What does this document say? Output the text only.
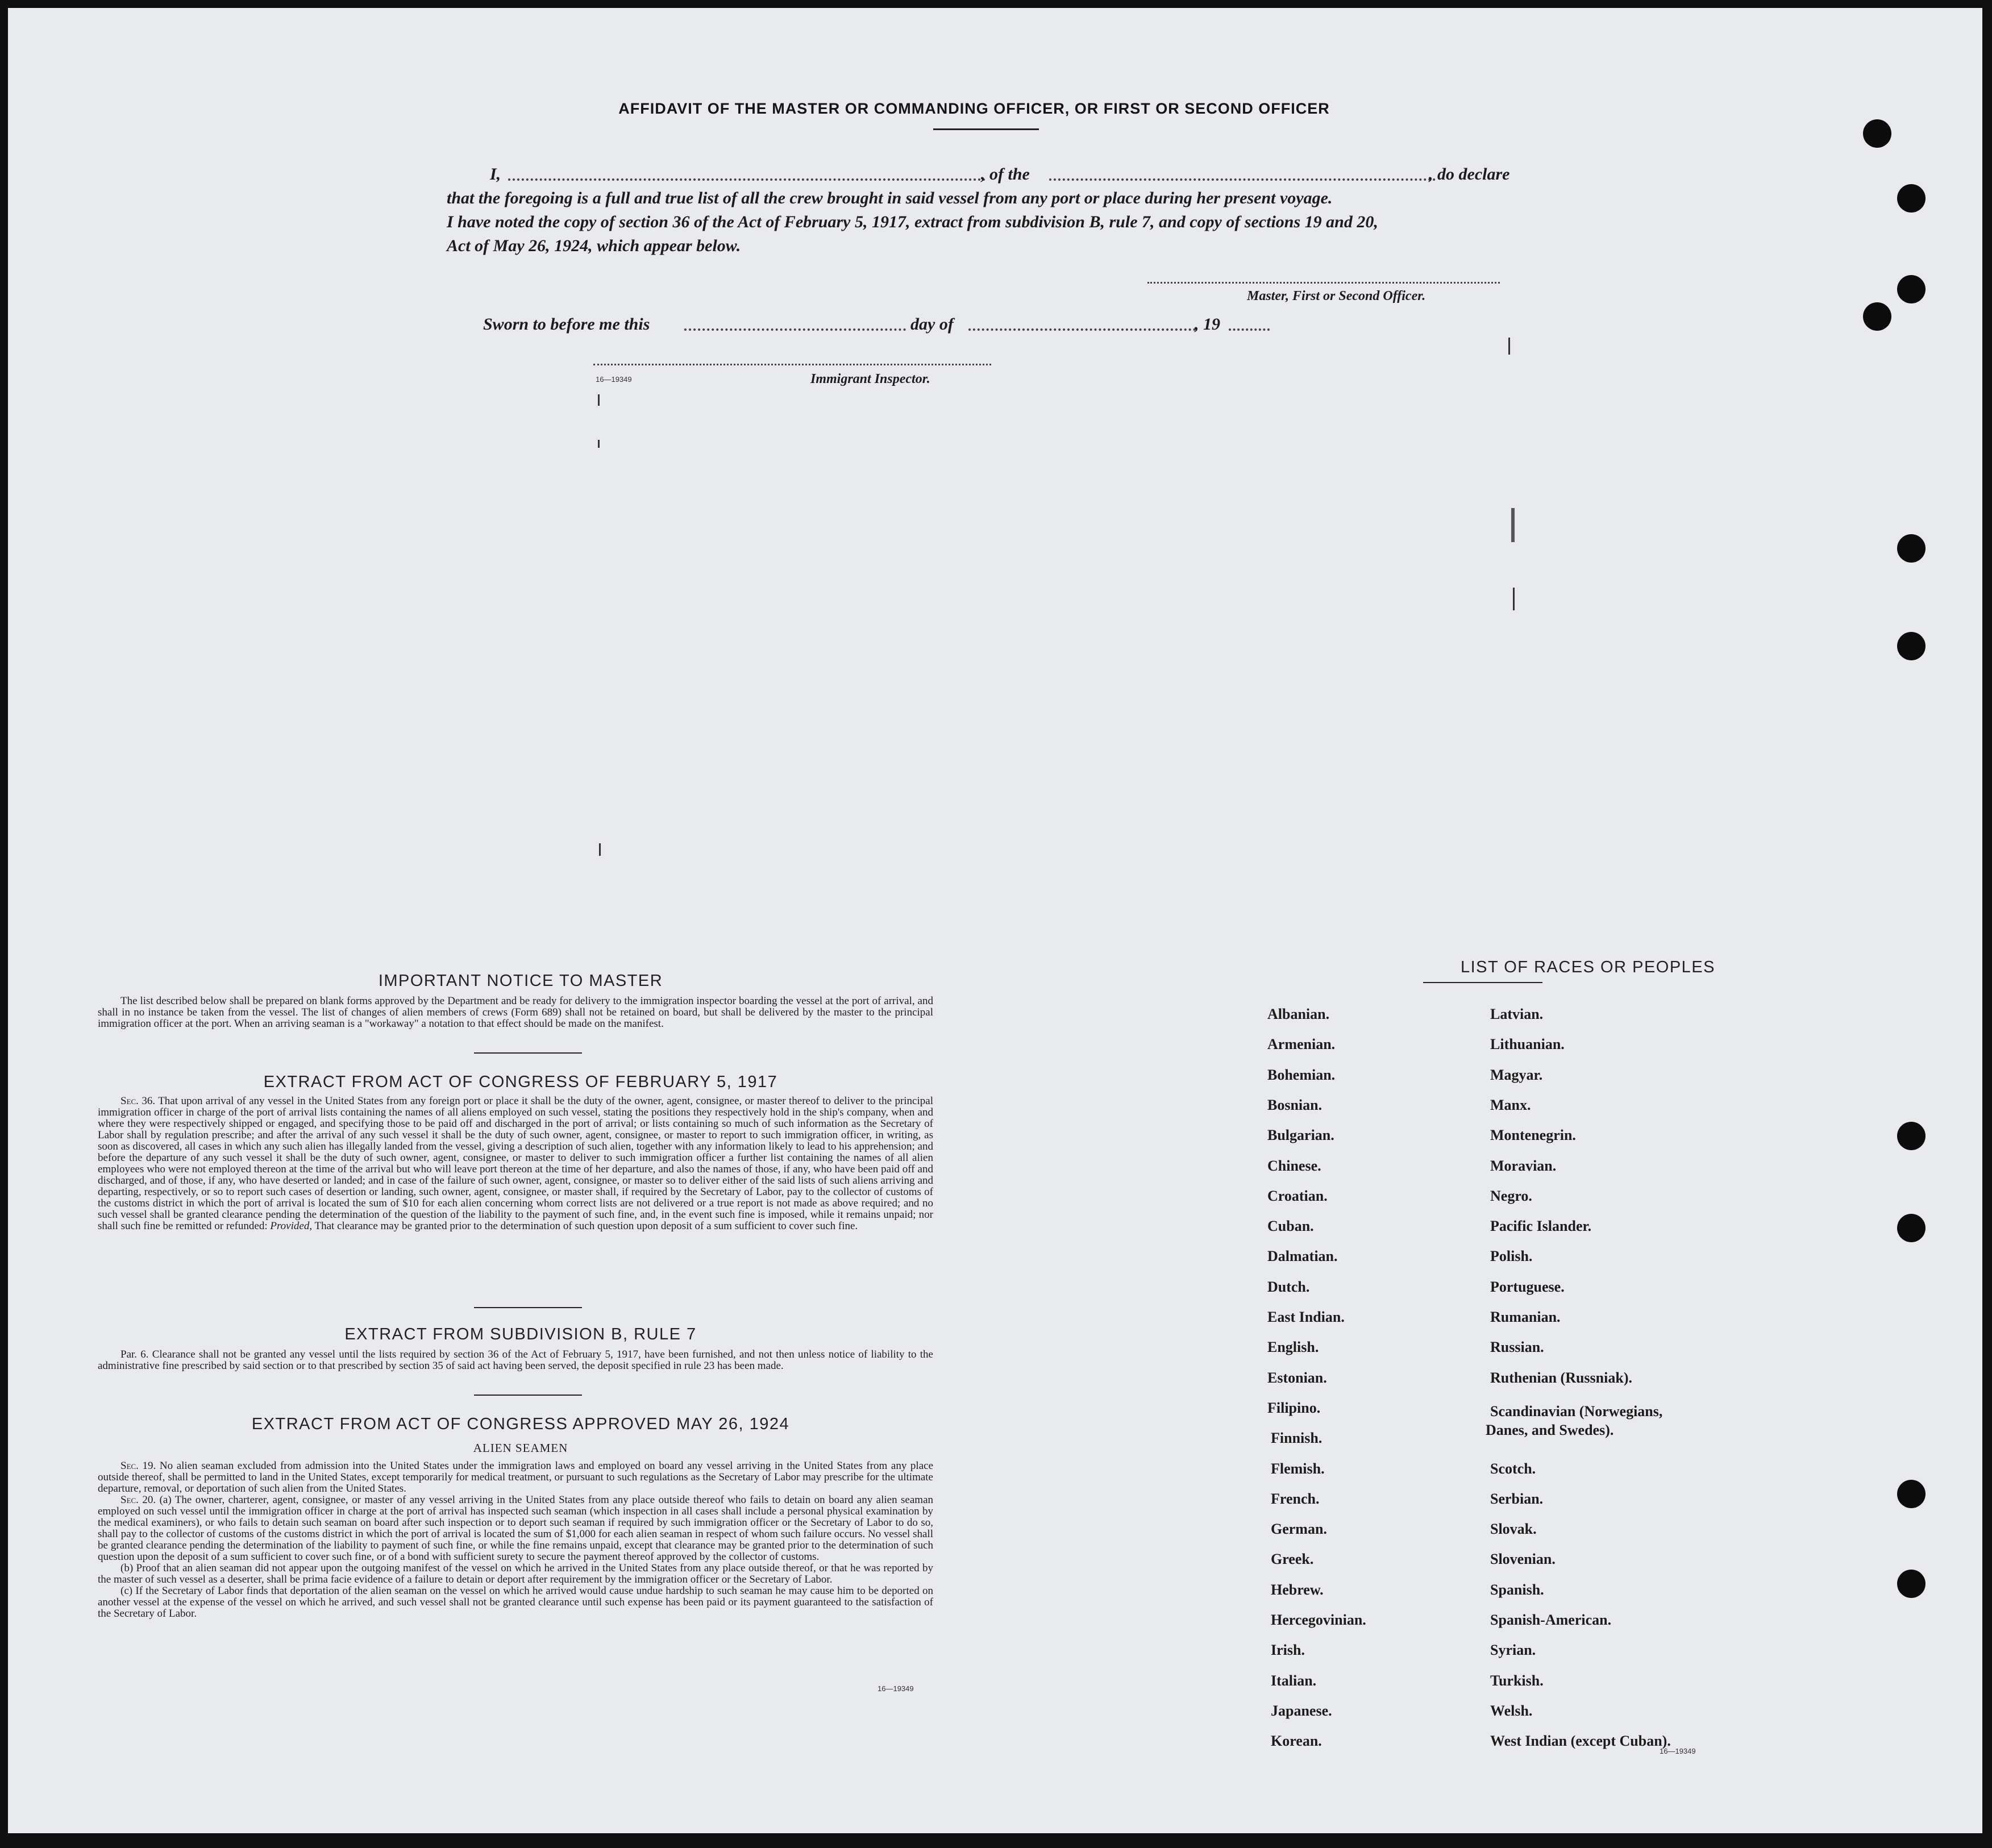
AFFIDAVIT OF THE MASTER OR COMMANDING OFFICER, OR FIRST OR SECOND OFFICER
I,	, of the	, do declare
that the foregoing is a full and true list of all the crew brought in said vessel from any port or place during her present voyage.
I have noted the copy of section 36 of the Act of February 5, 1917, extract from subdivision B, rule 7, and copy of sections 19 and 20,
Act of May 26, 1924, which appear below.
Master, First or Second Officer.
Sworn to before me this	day of	, 19
16—19349	Immigrant Inspector.
IMPORTANT NOTICE TO MASTER
The list described below shall be prepared on blank forms approved by the Department and be ready for delivery to the immigration inspector boarding the vessel at the port of arrival, and shall in no instance be taken from the vessel. The list of changes of alien members of crews (Form 689) shall not be retained on board, but shall be delivered by the master to the principal immigration officer at the port. When an arriving seaman is a "workaway" a notation to that effect should be made on the manifest.
EXTRACT FROM ACT OF CONGRESS OF FEBRUARY 5, 1917
Sec. 36. That upon arrival of any vessel in the United States from any foreign port or place it shall be the duty of the owner, agent, consignee, or master thereof to deliver to the principal immigration officer in charge of the port of arrival lists containing the names of all aliens employed on such vessel, stating the positions they respectively hold in the ship's company, when and where they were respectively shipped or engaged, and specifying those to be paid off and discharged in the port of arrival; or lists containing so much of such information as the Secretary of Labor shall by regulation prescribe; and after the arrival of any such vessel it shall be the duty of such owner, agent, consignee, or master to report to such immigration officer, in writing, as soon as discovered, all cases in which any such alien has illegally landed from the vessel, giving a description of such alien, together with any information likely to lead to his apprehension; and before the departure of any such vessel it shall be the duty of such owner, agent, consignee, or master to deliver to such immigration officer a further list containing the names of all alien employees who were not employed thereon at the time of the arrival but who will leave port thereon at the time of her departure, and also the names of those, if any, who have been paid off and discharged, and of those, if any, who have deserted or landed; and in case of the failure of such owner, agent, consignee, or master so to deliver either of the said lists of such aliens arriving and departing, respectively, or so to report such cases of desertion or landing, such owner, agent, consignee, or master shall, if required by the Secretary of Labor, pay to the collector of customs of the customs district in which the port of arrival is located the sum of $10 for each alien concerning whom correct lists are not delivered or a true report is not made as above required; and no such vessel shall be granted clearance pending the determination of the question of the liability to the payment of such fine, and, in the event such fine is imposed, while it remains unpaid; nor shall such fine be remitted or refunded: Provided, That clearance may be granted prior to the determination of such question upon deposit of a sum sufficient to cover such fine.
EXTRACT FROM SUBDIVISION B, RULE 7
Par. 6. Clearance shall not be granted any vessel until the lists required by section 36 of the Act of February 5, 1917, have been furnished, and not then unless notice of liability to the administrative fine prescribed by said section or to that prescribed by section 35 of said act having been served, the deposit specified in rule 23 has been made.
EXTRACT FROM ACT OF CONGRESS APPROVED MAY 26, 1924
ALIEN SEAMEN

Sec. 19. No alien seaman excluded from admission into the United States under the immigration laws and employed on board any vessel arriving in the United States from any place outside thereof, shall be permitted to land in the United States, except temporarily for medical treatment, or pursuant to such regulations as the Secretary of Labor may prescribe for the ultimate departure, removal, or deportation of such alien from the United States.

Sec. 20. (a) The owner, charterer, agent, consignee, or master of any vessel arriving in the United States from any place outside thereof who fails to detain on board any alien seaman employed on such vessel until the immigration officer in charge at the port of arrival has inspected such seaman (which inspection in all cases shall include a personal physical examination by the medical examiners), or who fails to detain such seaman on board after such inspection or to deport such seaman if required by such immigration officer or the Secretary of Labor to do so, shall pay to the collector of customs of the customs district in which the port of arrival is located the sum of $1,000 for each alien seaman in respect of whom such failure occurs. No vessel shall be granted clearance pending the determination of the liability to payment of such fine, or while the fine remains unpaid, except that clearance may be granted prior to the determination of such question upon the deposit of a sum sufficient to cover such fine, or of a bond with sufficient surety to secure the payment thereof approved by the collector of customs.

(b) Proof that an alien seaman did not appear upon the outgoing manifest of the vessel on which he arrived in the United States from any place outside thereof, or that he was reported by the master of such vessel as a deserter, shall be prima facie evidence of a failure to detain or deport after requirement by the immigration officer or the Secretary of Labor.

(c) If the Secretary of Labor finds that deportation of the alien seaman on the vessel on which he arrived would cause undue hardship to such seaman he may cause him to be deported on another vessel at the expense of the vessel on which he arrived, and such vessel shall not be granted clearance until such expense has been paid or its payment guaranteed to the satisfaction of the Secretary of Labor.

16—19349
LIST OF RACES OR PEOPLES
Danes, and Swedes).
16—19349
Albanian.
Armenian.
Bohemian.
Bosnian.
Bulgarian.
Chinese.
Croatian.
Cuban.
Dalmatian.
Dutch.
East Indian.
English.
Estonian.
Filipino.
Finnish.
Flemish.
French.
German.
Greek.
Hebrew.
Hercegovinian.
Irish.
Italian.
Japanese.
Korean.
Latvian.
Lithuanian.
Magyar.
Manx.
Montenegrin.
Moravian.
Negro.
Pacific Islander.
Polish.
Portuguese.
Rumanian.
Russian.
Ruthenian (Russniak).
Scandinavian (Norwegians,
Scotch.
Serbian.
Slovak.
Slovenian.
Spanish.
Spanish-American.
Syrian.
Turkish.
Welsh.
West Indian (except Cuban).
